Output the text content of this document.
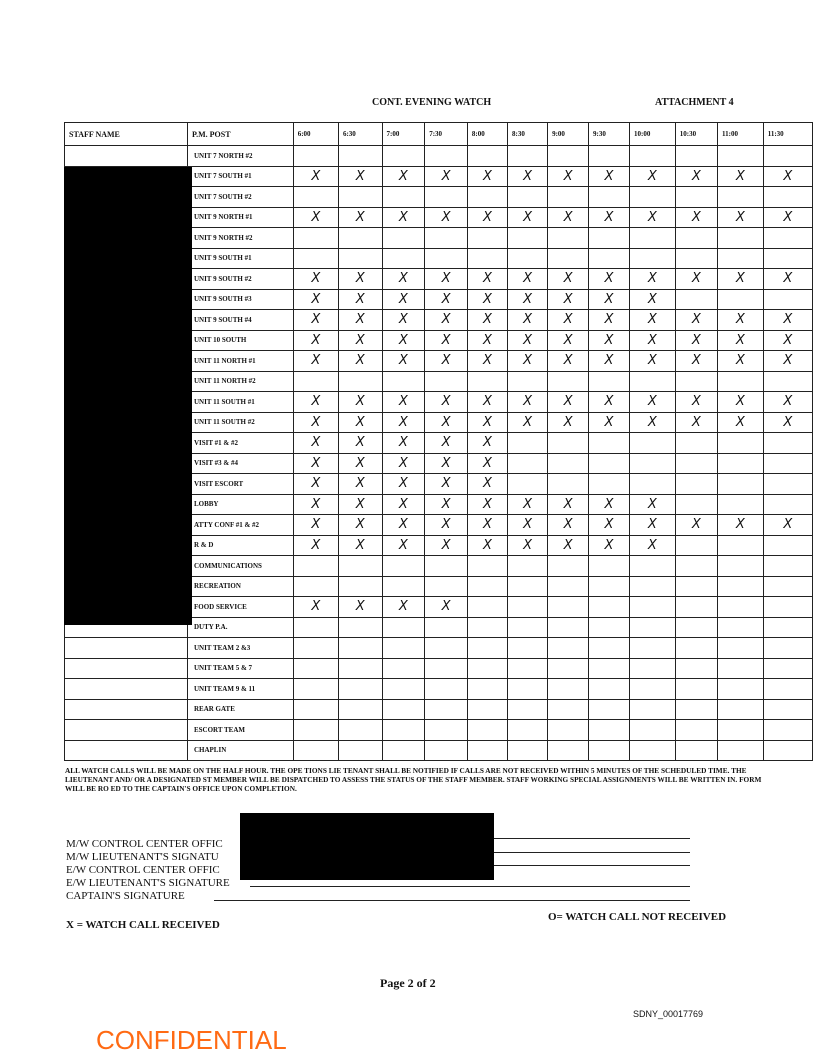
CONT. EVENING WATCH	ATTACHMENT 4
STAFF NAME	P.M. POST	6:00	6:30	7:00	7:30	8:00	8:30	9:00	9:30	10:00	10:30	11:00	11:30
	UNIT 7 NORTH #2												
	UNIT 7 SOUTH #1	X	X	X	X	X	X	X	X	X	X	X	X
	UNIT 7 SOUTH #2												
	UNIT 9 NORTH #1	X	X	X	X	X	X	X	X	X	X	X	X
	UNIT 9 NORTH #2												
	UNIT 9 SOUTH #1												
	UNIT 9 SOUTH #2	X	X	X	X	X	X	X	X	X	X	X	X
	UNIT 9 SOUTH #3	X	X	X	X	X	X	X	X	X			
	UNIT 9 SOUTH #4	X	X	X	X	X	X	X	X	X	X	X	X
	UNIT 10 SOUTH	X	X	X	X	X	X	X	X	X	X	X	X
	UNIT 11 NORTH #1	X	X	X	X	X	X	X	X	X	X	X	X
	UNIT 11 NORTH #2												
	UNIT 11 SOUTH #1	X	X	X	X	X	X	X	X	X	X	X	X
	UNIT 11 SOUTH #2	X	X	X	X	X	X	X	X	X	X	X	X
	VISIT #1 & #2	X	X	X	X	X							
	VISIT #3 & #4	X	X	X	X	X							
	VISIT ESCORT	X	X	X	X	X							
	LOBBY	X	X	X	X	X	X	X	X	X			
	ATTY CONF #1 & #2	X	X	X	X	X	X	X	X	X	X	X	X
	R & D	X	X	X	X	X	X	X	X	X			
	COMMUNICATIONS												
	RECREATION												
	FOOD SERVICE	X	X	X	X								
	DUTY P.A.												
	UNIT TEAM 2 &3												
	UNIT TEAM 5 & 7												
	UNIT TEAM 9 & 11												
	REAR GATE												
	ESCORT TEAM												
	CHAPLIN												
ALL WATCH CALLS WILL BE MADE ON THE HALF HOUR. THE OPE TIONS LIE TENANT SHALL BE NOTIFIED IF CALLS ARE NOT RECEIVED WITHIN 5 MINUTES OF THE SCHEDULED TIME. THE LIEUTENANT AND/ OR A DESIGNATED ST MEMBER WILL BE DISPATCHED TO ASSESS THE STATUS OF THE STAFF MEMBER. STAFF WORKING SPECIAL ASSIGNMENTS WILL BE WRITTEN IN. FORM WILL BE RO ED TO THE CAPTAIN'S OFFICE UPON COMPLETION.
M/W CONTROL CENTER OFFIC
M/W LIEUTENANT'S SIGNATU
E/W CONTROL CENTER OFFIC
E/W LIEUTENANT'S SIGNATURE
CAPTAIN'S SIGNATURE
X = WATCH CALL RECEIVED
O= WATCH CALL NOT RECEIVED
Page 2 of 2
SDNY_00017769
CONFIDENTIAL
